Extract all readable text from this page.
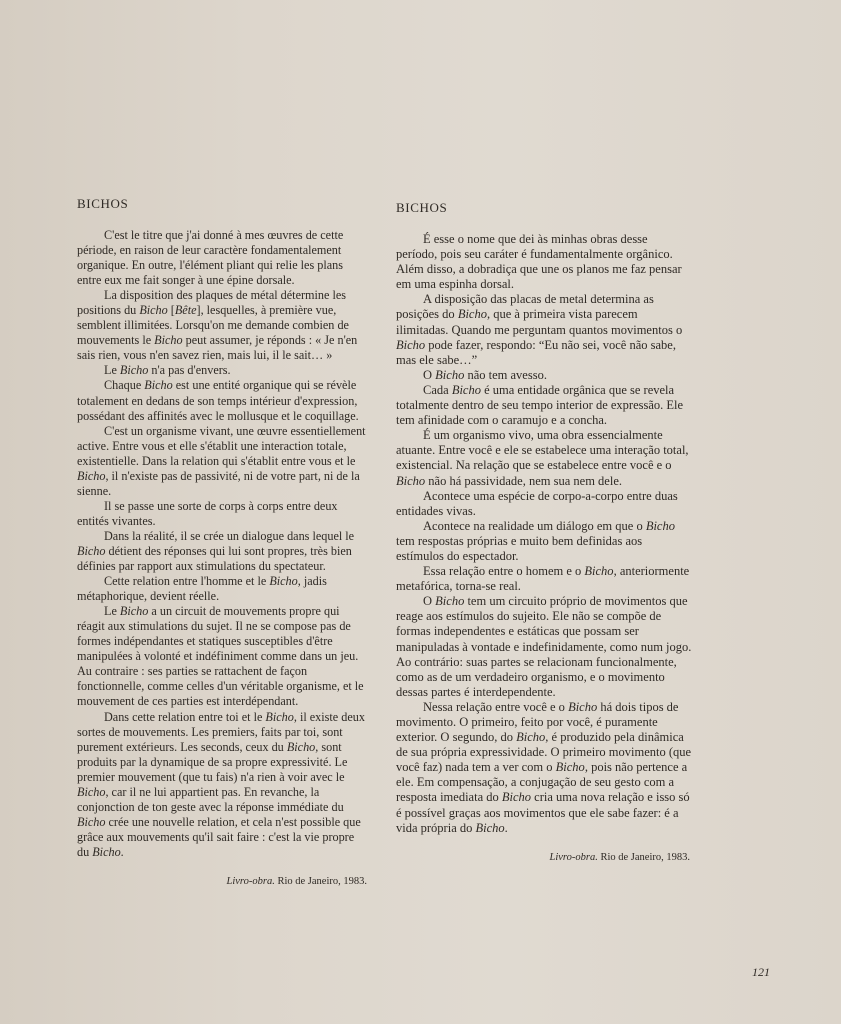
BICHOS

C'est le titre que j'ai donné à mes œuvres de cette période, en raison de leur caractère fondamentalement organique. En outre, l'élément pliant qui relie les plans entre eux me fait songer à une épine dorsale.

La disposition des plaques de métal détermine les positions du Bicho [Bête], lesquelles, à première vue, semblent illimitées. Lorsqu'on me demande combien de mouvements le Bicho peut assumer, je réponds : « Je n'en sais rien, vous n'en savez rien, mais lui, il le sait… »

Le Bicho n'a pas d'envers.

Chaque Bicho est une entité organique qui se révèle totalement en dedans de son temps intérieur d'expression, possédant des affinités avec le mollusque et le coquillage.

C'est un organisme vivant, une œuvre essentiellement active. Entre vous et elle s'établit une interaction totale, existentielle. Dans la relation qui s'établit entre vous et le Bicho, il n'existe pas de passivité, ni de votre part, ni de la sienne.

Il se passe une sorte de corps à corps entre deux entités vivantes.

Dans la réalité, il se crée un dialogue dans lequel le Bicho détient des réponses qui lui sont propres, très bien définies par rapport aux stimulations du spectateur.

Cette relation entre l'homme et le Bicho, jadis métaphorique, devient réelle.

Le Bicho a un circuit de mouvements propre qui réagit aux stimulations du sujet. Il ne se compose pas de formes indépendantes et statiques susceptibles d'être manipulées à volonté et indéfiniment comme dans un jeu. Au contraire : ses parties se rattachent de façon fonctionnelle, comme celles d'un véritable organisme, et le mouvement de ces parties est interdépendant.

Dans cette relation entre toi et le Bicho, il existe deux sortes de mouvements. Les premiers, faits par toi, sont purement extérieurs. Les seconds, ceux du Bicho, sont produits par la dynamique de sa propre expressivité. Le premier mouvement (que tu fais) n'a rien à voir avec le Bicho, car il ne lui appartient pas. En revanche, la conjonction de ton geste avec la réponse immédiate du Bicho crée une nouvelle relation, et cela n'est possible que grâce aux mouvements qu'il sait faire : c'est la vie propre du Bicho.

Livro-obra. Rio de Janeiro, 1983.
BICHOS

É esse o nome que dei às minhas obras desse período, pois seu caráter é fundamentalmente orgânico. Além disso, a dobradiça que une os planos me faz pensar em uma espinha dorsal.

A disposição das placas de metal determina as posições do Bicho, que à primeira vista parecem ilimitadas. Quando me perguntam quantos movimentos o Bicho pode fazer, respondo: “Eu não sei, você não sabe, mas ele sabe…”

O Bicho não tem avesso.

Cada Bicho é uma entidade orgânica que se revela totalmente dentro de seu tempo interior de expressão. Ele tem afinidade com o caramujo e a concha.

É um organismo vivo, uma obra essencialmente atuante. Entre você e ele se estabelece uma interação total, existencial. Na relação que se estabelece entre você e o Bicho não há passividade, nem sua nem dele.

Acontece uma espécie de corpo-a-corpo entre duas entidades vivas.

Acontece na realidade um diálogo em que o Bicho tem respostas próprias e muito bem definidas aos estímulos do espectador.

Essa relação entre o homem e o Bicho, anteriormente metafórica, torna-se real.

O Bicho tem um circuito próprio de movimentos que reage aos estímulos do sujeito. Ele não se compõe de formas independentes e estáticas que possam ser manipuladas à vontade e indefinidamente, como num jogo. Ao contrário: suas partes se relacionam funcionalmente, como as de um verdadeiro organismo, e o movimento dessas partes é interdependente.

Nessa relação entre você e o Bicho há dois tipos de movimento. O primeiro, feito por você, é puramente exterior. O segundo, do Bicho, é produzido pela dinâmica de sua própria expressividade. O primeiro movimento (que você faz) nada tem a ver com o Bicho, pois não pertence a ele. Em compensação, a conjugação de seu gesto com a resposta imediata do Bicho cria uma nova relação e isso só é possível graças aos movimentos que ele sabe fazer: é a vida própria do Bicho.

Livro-obra. Rio de Janeiro, 1983.
121
